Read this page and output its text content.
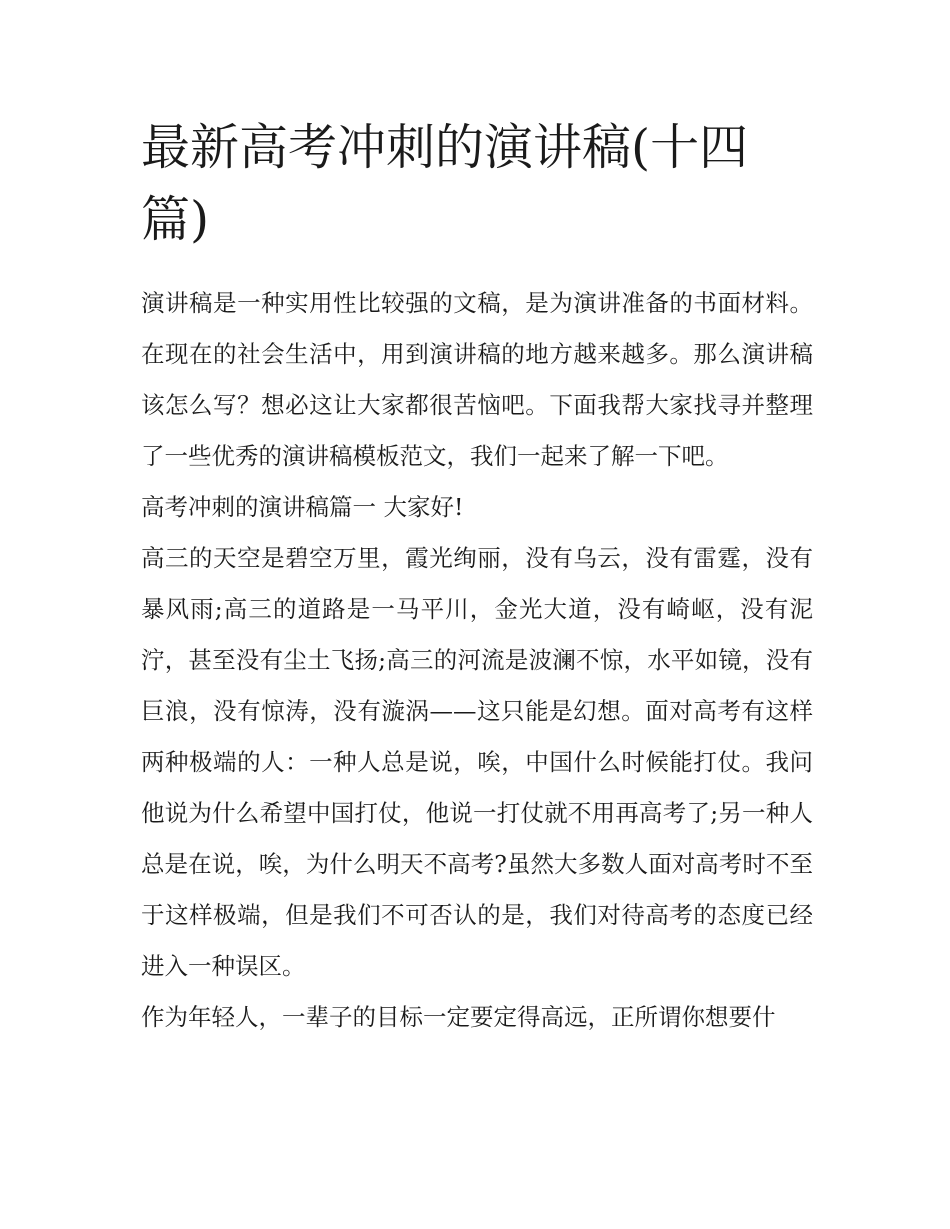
最新高考冲刺的演讲稿(十四篇)

演讲稿是一种实用性比较强的文稿，是为演讲准备的书面材料。在现在的社会生活中，用到演讲稿的地方越来越多。那么演讲稿该怎么写？想必这让大家都很苦恼吧。下面我帮大家找寻并整理了一些优秀的演讲稿模板范文，我们一起来了解一下吧。

高考冲刺的演讲稿篇一 大家好!

高三的天空是碧空万里，霞光绚丽，没有乌云，没有雷霆，没有暴风雨;高三的道路是一马平川，金光大道，没有崎岖，没有泥泞，甚至没有尘土飞扬;高三的河流是波澜不惊，水平如镜，没有巨浪，没有惊涛，没有漩涡——这只能是幻想。面对高考有这样两种极端的人：一种人总是说，唉，中国什么时候能打仗。我问他说为什么希望中国打仗，他说一打仗就不用再高考了;另一种人总是在说，唉，为什么明天不高考?虽然大多数人面对高考时不至于这样极端，但是我们不可否认的是，我们对待高考的态度已经进入一种误区。

作为年轻人，一辈子的目标一定要定得高远，正所谓你想要什
